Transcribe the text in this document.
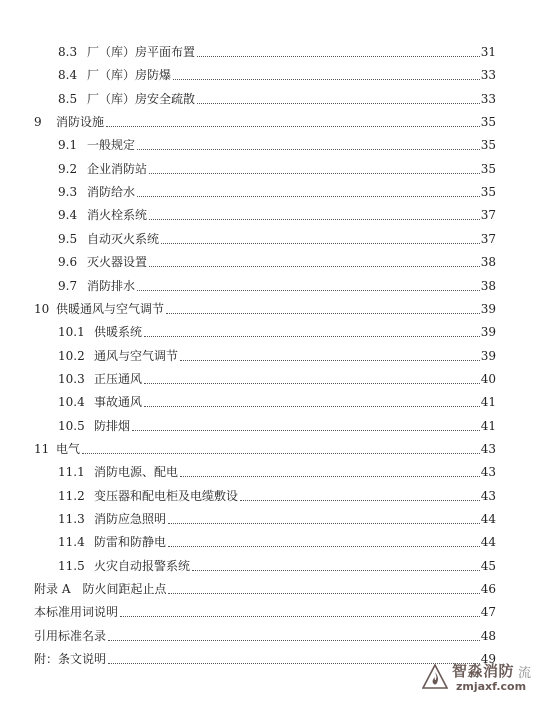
8.3 厂（库）房平面布置	31
8.4 厂（库）房防爆	33
8.5 厂（库）房安全疏散	33
9 消防设施	35
9.1 一般规定	35
9.2 企业消防站	35
9.3 消防给水	35
9.4 消火栓系统	37
9.5 自动灭火系统	37
9.6 灭火器设置	38
9.7 消防排水	38
10 供暖通风与空气调节	39
10.1 供暖系统	39
10.2 通风与空气调节	39
10.3 正压通风	40
10.4 事故通风	41
10.5 防排烟	41
11 电气	43
11.1 消防电源、配电	43
11.2 变压器和配电柜及电缆敷设	43
11.3 消防应急照明	44
11.4 防雷和防静电	44
11.5 火灾自动报警系统	45
附录 A　防火间距起止点	46
本标准用词说明	47
引用标准名录	48
附：条文说明	49
智淼消防 流
zmjaxf.com
